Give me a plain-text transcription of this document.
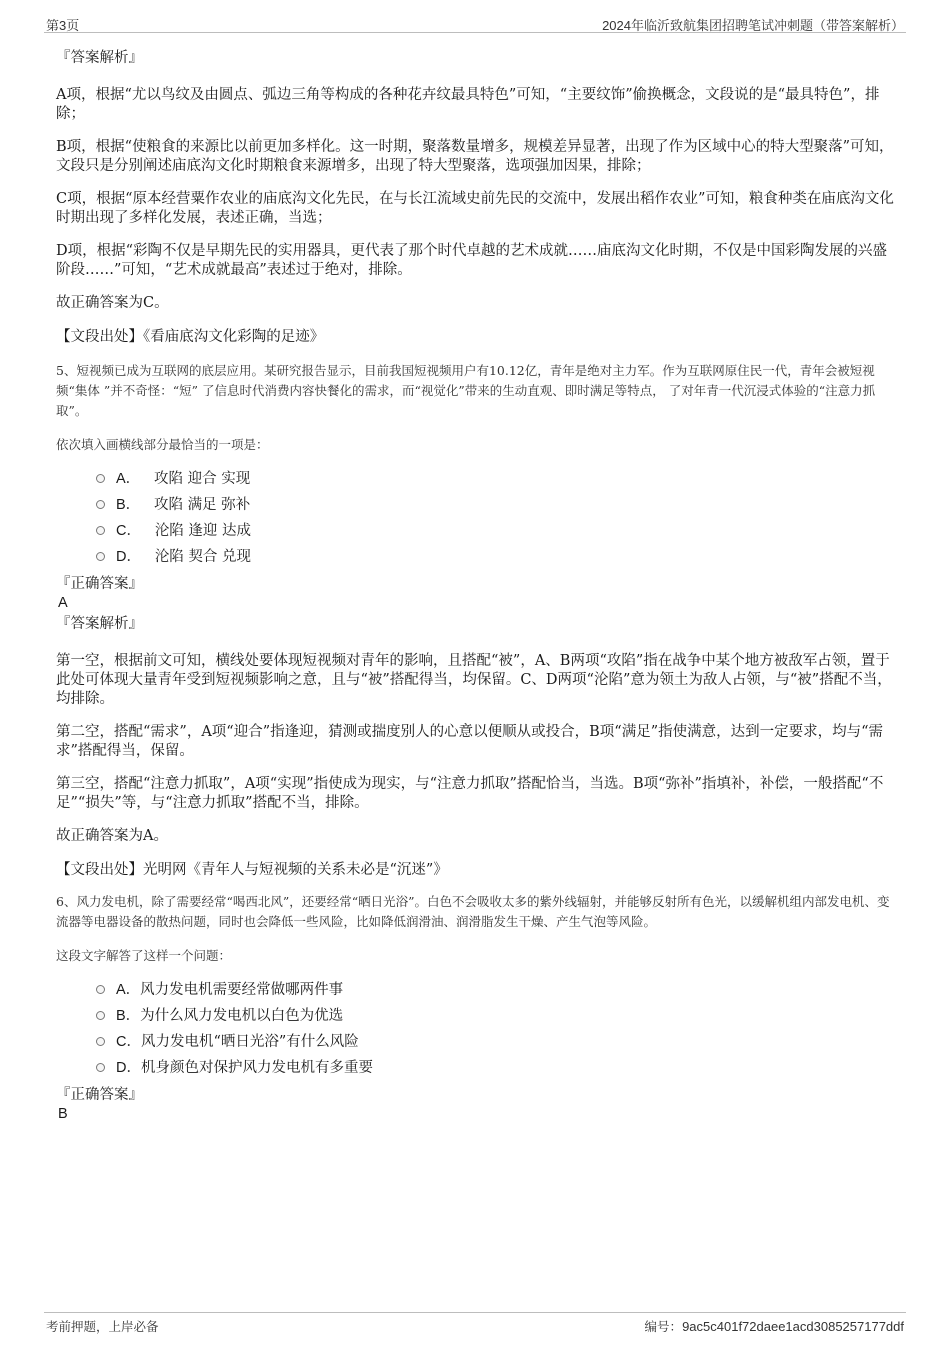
第3页	2024年临沂致航集团招聘笔试冲刺题（带答案解析）
『答案解析』
A项，根据“尤以鸟纹及由圆点、弧边三角等构成的各种花卉纹最具特色”可知，“主要纹饰”偷换概念，文段说的是“最具特色”，排除；
B项，根据“使粮食的来源比以前更加多样化。这一时期，聚落数量增多，规模差异显著，出现了作为区域中心的特大型聚落”可知，文段只是分别阐述庙底沟文化时期粮食来源增多，出现了特大型聚落，选项强加因果，排除；
C项，根据“原本经营粟作农业的庙底沟文化先民，在与长江流域史前先民的交流中，发展出稻作农业”可知，粮食种类在庙底沟文化时期出现了多样化发展，表述正确，当选；
D项，根据“彩陶不仅是早期先民的实用器具，更代表了那个时代卓越的艺术成就……庙底沟文化时期，不仅是中国彩陶发展的兴盛阶段……”可知，“艺术成就最高”表述过于绝对，排除。
故正确答案为C。
【文段出处】《看庙底沟文化彩陶的足迹》
5、短视频已成为互联网的底层应用。某研究报告显示，目前我国短视频用户有10.12亿，青年是绝对主力军。作为互联网原住民一代，青年会被短视频“集体 ”并不奇怪：“短” 了信息时代消费内容快餐化的需求，而“视觉化”带来的生动直观、即时满足等特点， 了对年青一代沉浸式体验的“注意力抓取”。
依次填入画横线部分最恰当的一项是：
A． 攻陷 迎合 实现
B． 攻陷 满足 弥补
C． 沦陷 逢迎 达成
D． 沦陷 契合 兑现
『正确答案』
A
『答案解析』
第一空，根据前文可知，横线处要体现短视频对青年的影响，且搭配“被”，A、B两项“攻陷”指在战争中某个地方被敌军占领，置于此处可体现大量青年受到短视频影响之意，且与“被”搭配得当，均保留。C、D两项“沦陷”意为领土为敌人占领，与“被”搭配不当，均排除。
第二空，搭配“需求”，A项“迎合”指逢迎，猜测或揣度别人的心意以便顺从或投合，B项“满足”指使满意，达到一定要求，均与“需求”搭配得当，保留。
第三空，搭配“注意力抓取”，A项“实现”指使成为现实，与“注意力抓取”搭配恰当，当选。B项“弥补”指填补，补偿，一般搭配“不足”“损失”等，与“注意力抓取”搭配不当，排除。
故正确答案为A。
【文段出处】光明网《青年人与短视频的关系未必是“沉迷”》
6、风力发电机，除了需要经常“喝西北风”，还要经常“晒日光浴”。白色不会吸收太多的紫外线辐射，并能够反射所有色光，以缓解机组内部发电机、变流器等电器设备的散热问题，同时也会降低一些风险，比如降低润滑油、润滑脂发生干燥、产生气泡等风险。
这段文字解答了这样一个问题：
A．风力发电机需要经常做哪两件事
B．为什么风力发电机以白色为优选
C．风力发电机“晒日光浴”有什么风险
D．机身颜色对保护风力发电机有多重要
『正确答案』
B
考前押题，上岸必备	编号：9ac5c401f72daee1acd3085257177ddf
